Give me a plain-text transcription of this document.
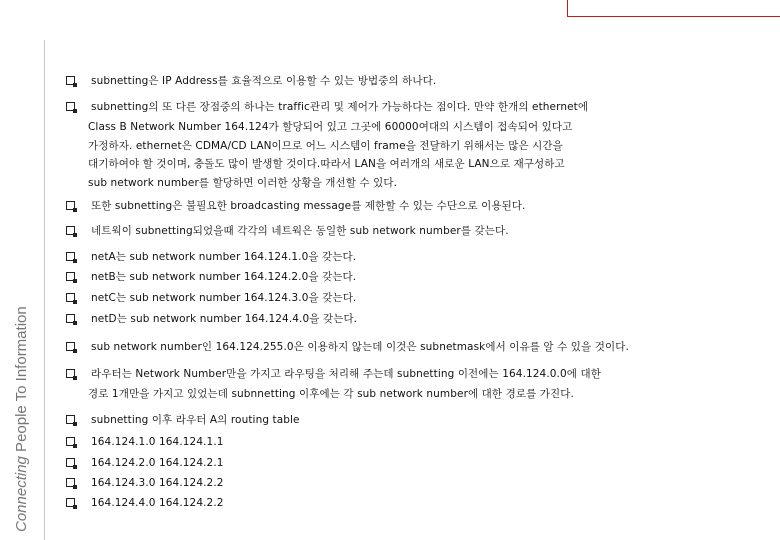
Connecting People To Information
subnetting은 IP Address를 효율적으로 이용할 수 있는 방법중의 하나다.
subnetting의 또 다른 장점중의 하나는 traffic관리 및 제어가 가능하다는 점이다. 만약 한개의 ethernet에
Class B Network Number 164.124가 할당되어 있고 그곳에 60000여대의 시스템이 접속되어 있다고
가정하자. ethernet은 CDMA/CD LAN이므로 어느 시스템이 frame을 전달하기 위해서는 많은 시간을
대기하여야 할 것이며, 충돌도 많이 발생할 것이다.따라서 LAN을 여러개의 새로운 LAN으로 재구성하고
sub network number를 할당하면 이러한 상황을 개선할 수 있다.
또한 subnetting은 불필요한 broadcasting message를 제한할 수 있는 수단으로 이용된다.
네트웍이 subnetting되었을때 각각의 네트웍은 동일한 sub network number를 갖는다.
netA는 sub network number 164.124.1.0을 갖는다.
netB는 sub network number 164.124.2.0을 갖는다.
netC는 sub network number 164.124.3.0을 갖는다.
netD는 sub network number 164.124.4.0을 갖는다.
sub network number인 164.124.255.0은 이용하지 않는데 이것은 subnetmask에서 이유를 알 수 있을 것이다.
라우터는 Network Number만을 가지고 라우팅을 처리해 주는데 subnetting 이전에는 164.124.0.0에 대한
경로 1개만을 가지고 있었는데 subnnetting 이후에는 각 sub network number에 대한 경로를 가진다.
subnetting 이후 라우터 A의 routing table
164.124.1.0 164.124.1.1
164.124.2.0 164.124.2.1
164.124.3.0 164.124.2.2
164.124.4.0 164.124.2.2
